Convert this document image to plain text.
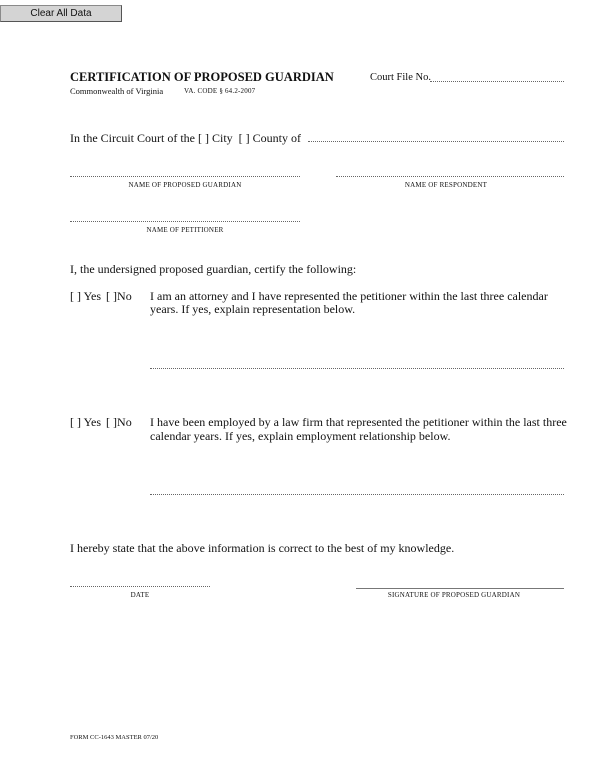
Clear All Data
CERTIFICATION OF PROPOSED GUARDIAN
Commonwealth of Virginia	VA. CODE § 64.2-2007
Court File No.
In the Circuit Court of the [ ] City [ ] County of
NAME OF PROPOSED GUARDIAN	NAME OF RESPONDENT
NAME OF PETITIONER
I, the undersigned proposed guardian, certify the following:
[ ] Yes [ ]No I am an attorney and I have represented the petitioner within the last three calendar
years. If yes, explain representation below.
[ ] Yes [ ]No I have been employed by a law firm that represented the petitioner within the last three
calendar years. If yes, explain employment relationship below.
I hereby state that the above information is correct to the best of my knowledge.
DATE	SIGNATURE OF PROPOSED GUARDIAN
FORM CC-1643 MASTER 07/20
